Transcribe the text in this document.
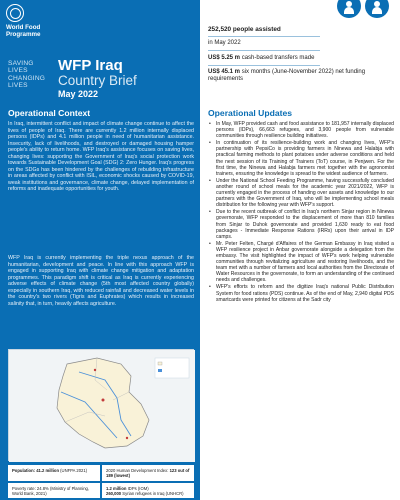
World Food
Programme
SAVING
LIVES
CHANGING
LIVES
WFP Iraq
Country Brief
May 2022
252,520 people assisted
in May 2022
US$ 5.25 m cash-based transfers made
US$ 45.1 m six months (June-November 2022) net funding requirements
Operational Context

In Iraq, intermittent conflict and impact of climate change continue to affect the lives of people of Iraq. There are currently 1.2 million internally displaced persons (IDPs) and 4.1 million people in need of humanitarian assistance. Insecurity, lack of livelihoods, and destroyed or damaged housing hamper people's ability to return home. WFP Iraq's assistance focuses on saving lives, changing lives: supporting the Government of Iraq's social protection work towards Sustainable Development Goal (SDG) 2: Zero Hunger. Iraq's progress on the SDGs has been hindered by the challenges of rebuilding infrastructure in areas affected by conflict with ISIL, economic shocks caused by COVID-19, weak institutions and governance, climate change, delayed implementation of reforms and inadequate opportunities for youth.

WFP Iraq is currently implementing the triple nexus approach of the humanitarian, development and peace. In line with this approach WFP is engaged in supporting Iraq with climate change mitigation and adaptation programmes. This paradigm shift is critical as Iraq is currently experiencing adverse effects of climate change (5th most affected country globally) especially in southern Iraq, with reduced rainfall and decreased water levels in the country's two rivers (Tigris and Euphrates) which results in increased salinity that, in turn, heavily affects agriculture.

Population: 41.2 million (UNFPA 2021)	2020 Human Development Index: 123 out of 189 (lowest)
Poverty rate: 24.8% (Ministry of Planning, World Bank, 2021)
1.2 million IDPs (IOM)
260,000 Syrian refugees in Iraq (UNHCR)
Operational Updates
• In May, WFP provided cash and food assistance to 181,957 internally displaced persons (IDPs), 66,663 refugees, and 3,900 people from vulnerable communities through resilience building initiatives.
• In continuation of its resilience-building work and changing lives, WFP's partnership with PepsiCo is providing farmers in Ninewa and Halabja with practical farming methods to plant potatoes under adverse conditions and held the next session of its Training of Trainers (ToT) course, in Penjwen. For the first time, the Ninewa and Halabja farmers met together with the agronomist trainers, ensuring the knowledge is spread to the widest audience of farmers.
• Under the National School Feeding Programme, having successfully concluded another round of school meals for the academic year 2021/2022, WFP is currently engaged in the process of handing over assets and knowledge to our partners with the Government of Iraq, who will be implementing school meals distribution for the following year with WFP's support.
• Due to the recent outbreak of conflict in Iraq's northern Sinjar region in Ninewa governorate, WFP responded to the displacement of more than 810 families from Sinjar to Duhok governorate and provided 1,630 ready to eat food packages - Immediate Response Rations (IRRs) upon their arrival in IDP camps.
• Mr. Peter Felten, Chargé d'Affaires of the German Embassy in Iraq visited a WFP resilience project in Anbar governorate alongside a delegation from the embassy. The visit highlighted the impact of WFP's work helping vulnerable communities through revitalizing agriculture and restoring livelihoods, and the team met with a number of farmers and local authorities from the Directorate of Water Resources in the governorate, to form an understanding of the continued needs and challenges.
• WFP's efforts to reform and the digitize Iraq's national Public Distribution System for food rations (PDS) continue. As of the end of May, 2,940 digital PDS smartcards were printed for citizens at the Sadr city
